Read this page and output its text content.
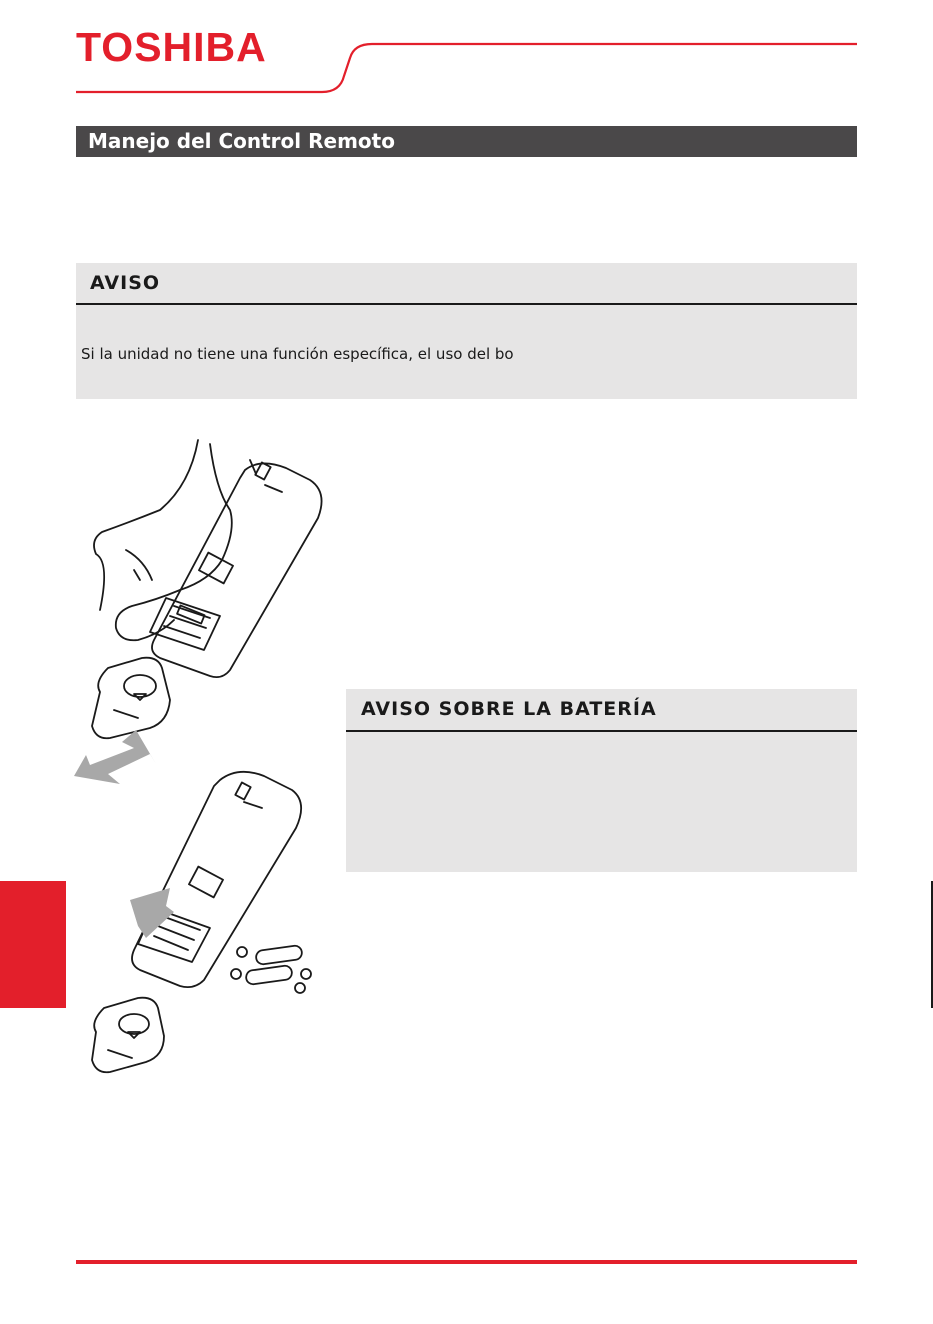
TOSHIBA
Manejo del Control Remoto
AVISO
Si la unidad no tiene una función específica, el uso del bo
AVISO SOBRE LA BATERÍA
